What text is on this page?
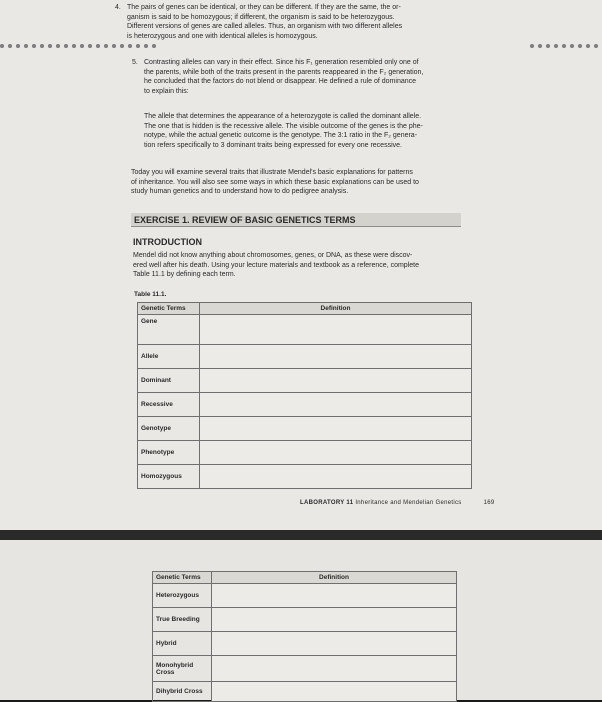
4. The pairs of genes can be identical, or they can be different. If they are the same, the or-
ganism is said to be homozygous; if different, the organism is said to be heterozygous.
Different versions of genes are called alleles. Thus, an organism with two different alleles
is heterozygous and one with identical alleles is homozygous.
5. Contrasting alleles can vary in their effect. Since his F₁ generation resembled only one of
the parents, while both of the traits present in the parents reappeared in the F₂ generation,
he concluded that the factors do not blend or disappear. He defined a rule of dominance
to explain this:
The allele that determines the appearance of a heterozygote is called the dominant allele.
The one that is hidden is the recessive allele. The visible outcome of the genes is the phe-
notype, while the actual genetic outcome is the genotype. The 3:1 ratio in the F₂ genera-
tion refers specifically to 3 dominant traits being expressed for every one recessive.
Today you will examine several traits that illustrate Mendel's basic explanations for patterns
of inheritance. You will also see some ways in which these basic explanations can be used to
study human genetics and to understand how to do pedigree analysis.
EXERCISE 1. REVIEW OF BASIC GENETICS TERMS
INTRODUCTION
Mendel did not know anything about chromosomes, genes, or DNA, as these were discov-
ered well after his death. Using your lecture materials and textbook as a reference, complete
Table 11.1 by defining each term.
Table 11.1.
Genetic Terms	Definition
Gene	
Allele	
Dominant	
Recessive	
Genotype	
Phenotype	
Homozygous	
LABORATORY 11 Inheritance and Mendelian Genetics	169
Genetic Terms	Definition
Heterozygous	
True Breeding	
Hybrid	
Monohybrid Cross	
Dihybrid Cross	
